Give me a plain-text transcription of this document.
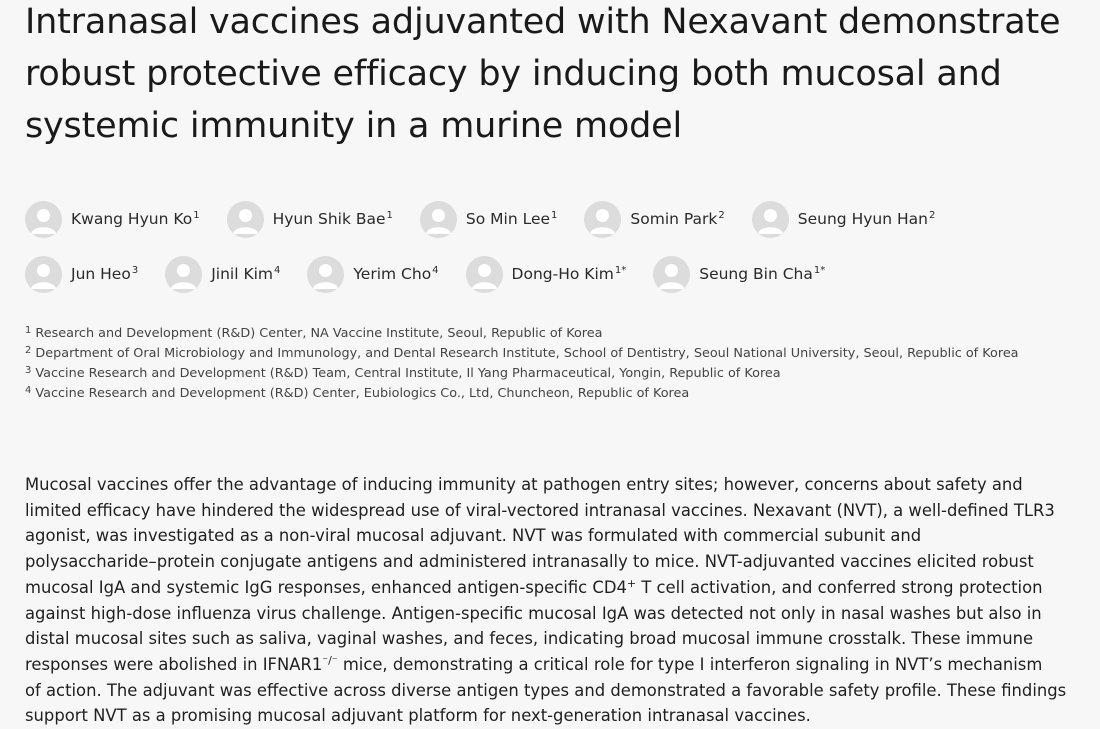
Intranasal vaccines adjuvanted with Nexavant demonstrate robust protective efficacy by inducing both mucosal and systemic immunity in a murine model
Kwang Hyun Ko$^1$	Hyun Shik Bae$^1$	So Min Lee$^1$	Somin Park$^2$	Seung Hyun Han$^2$
Jun Heo$^3$	Jinil Kim$^4$	Yerim Cho$^4$	Dong-Ho Kim$^{1*}$	Seung Bin Cha$^{1*}$
$^1$ Research and Development (R&D) Center, NA Vaccine Institute, Seoul, Republic of Korea
$^2$ Department of Oral Microbiology and Immunology, and Dental Research Institute, School of Dentistry, Seoul National University, Seoul, Republic of Korea
$^3$ Vaccine Research and Development (R&D) Team, Central Institute, Il Yang Pharmaceutical, Yongin, Republic of Korea
$^4$ Vaccine Research and Development (R&D) Center, Eubiologics Co., Ltd, Chuncheon, Republic of Korea
Mucosal vaccines offer the advantage of inducing immunity at pathogen entry sites; however, concerns about safety and
limited efficacy have hindered the widespread use of viral-vectored intranasal vaccines. Nexavant (NVT), a well-defined TLR3
agonist, was investigated as a non-viral mucosal adjuvant. NVT was formulated with commercial subunit and
polysaccharide–protein conjugate antigens and administered intranasally to mice. NVT-adjuvanted vaccines elicited robust
mucosal IgA and systemic IgG responses, enhanced antigen-specific CD4+ T cell activation, and conferred strong protection
against high-dose influenza virus challenge. Antigen-specific mucosal IgA was detected not only in nasal washes but also in
distal mucosal sites such as saliva, vaginal washes, and feces, indicating broad mucosal immune crosstalk. These immune
responses were abolished in IFNAR1⁻/⁻ mice, demonstrating a critical role for type I interferon signaling in NVT’s mechanism
of action. The adjuvant was effective across diverse antigen types and demonstrated a favorable safety profile. These findings
support NVT as a promising mucosal adjuvant platform for next-generation intranasal vaccines.
